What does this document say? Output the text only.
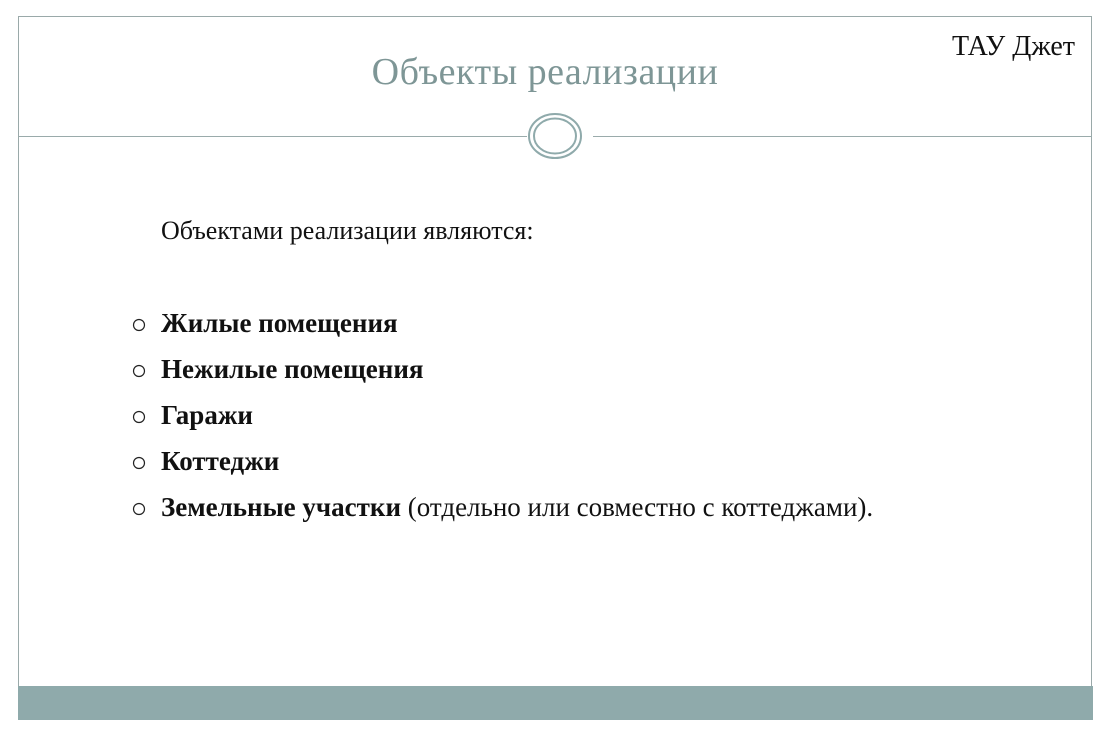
Объекты реализации
ТАУ Джет
Объектами реализации являются:
Жилые помещения
Нежилые помещения
Гаражи
Коттеджи
Земельные участки (отдельно или совместно с коттеджами).
